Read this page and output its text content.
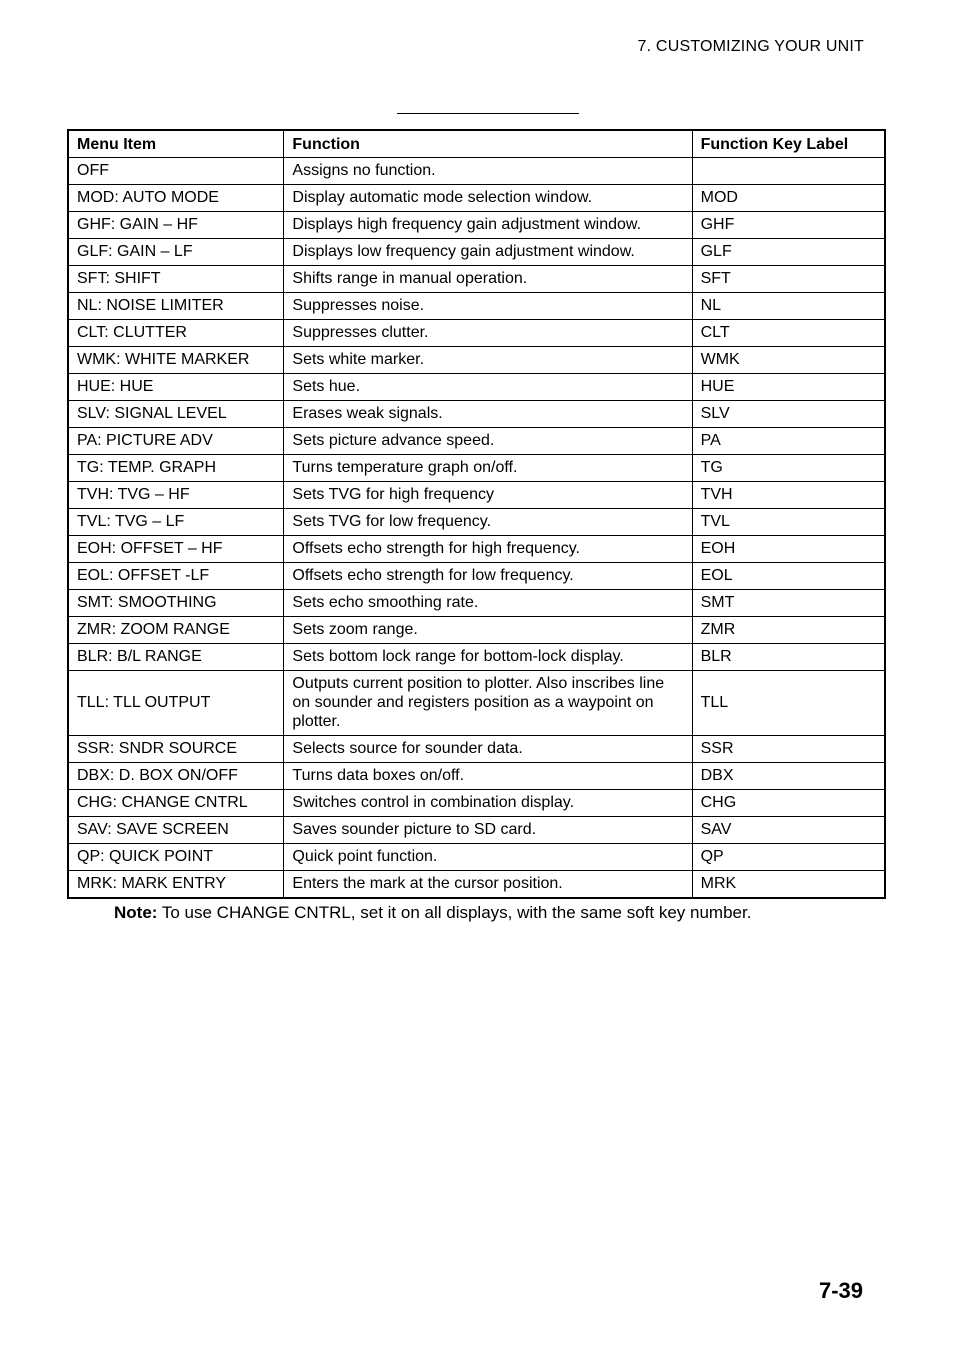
7. CUSTOMIZING YOUR UNIT
Menu Item	Function	Function Key Label
OFF	Assigns no function.	
MOD: AUTO MODE	Display automatic mode selection window.	MOD
GHF: GAIN – HF	Displays high frequency gain adjustment window.	GHF
GLF: GAIN – LF	Displays low frequency gain adjustment window.	GLF
SFT: SHIFT	Shifts range in manual operation.	SFT
NL: NOISE LIMITER	Suppresses noise.	NL
CLT: CLUTTER	Suppresses clutter.	CLT
WMK: WHITE MARKER	Sets white marker.	WMK
HUE: HUE	Sets hue.	HUE
SLV: SIGNAL LEVEL	Erases weak signals.	SLV
PA: PICTURE ADV	Sets picture advance speed.	PA
TG: TEMP. GRAPH	Turns temperature graph on/off.	TG
TVH: TVG – HF	Sets TVG for high frequency	TVH
TVL: TVG – LF	Sets TVG for low frequency.	TVL
EOH: OFFSET – HF	Offsets echo strength for high frequency.	EOH
EOL: OFFSET -LF	Offsets echo strength for low frequency.	EOL
SMT: SMOOTHING	Sets echo smoothing rate.	SMT
ZMR: ZOOM RANGE	Sets zoom range.	ZMR
BLR: B/L RANGE	Sets bottom lock range for bottom-lock display.	BLR
TLL: TLL OUTPUT	Outputs current position to plotter. Also inscribes line on sounder and registers position as a waypoint on plotter.	TLL
SSR: SNDR SOURCE	Selects source for sounder data.	SSR
DBX: D. BOX ON/OFF	Turns data boxes on/off.	DBX
CHG: CHANGE CNTRL	Switches control in combination display.	CHG
SAV: SAVE SCREEN	Saves sounder picture to SD card.	SAV
QP: QUICK POINT	Quick point function.	QP
MRK: MARK ENTRY	Enters the mark at the cursor position.	MRK
Note: To use CHANGE CNTRL, set it on all displays, with the same soft key number.
7-39
